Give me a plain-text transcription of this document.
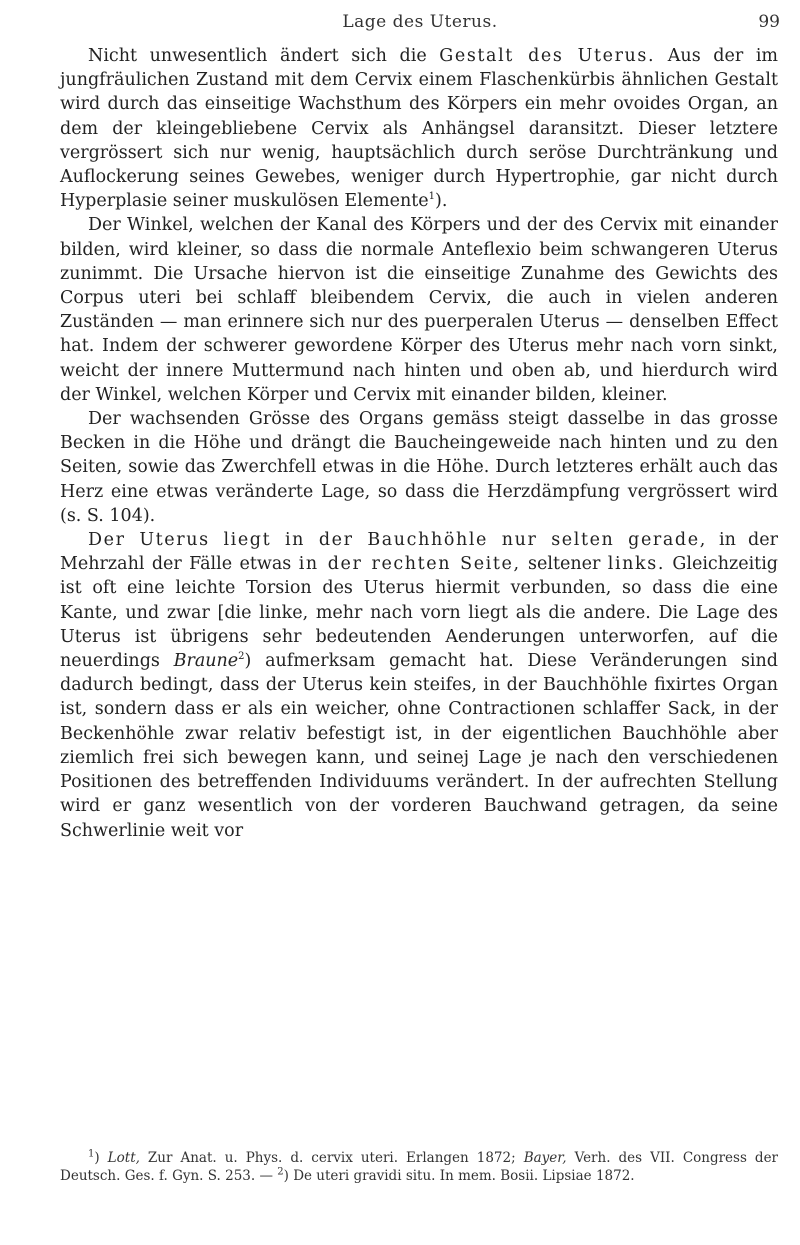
Lage des Uterus.	99

Nicht unwesentlich ändert sich die Gestalt des Uterus. Aus der im jungfräulichen Zustand mit dem Cervix einem Flaschenkürbis ähnlichen Gestalt wird durch das einseitige Wachsthum des Körpers ein mehr ovoides Organ, an dem der kleingebliebene Cervix als Anhängsel daransitzt. Dieser letztere vergrössert sich nur wenig, hauptsächlich durch seröse Durchtränkung und Auflockerung seines Gewebes, weniger durch Hypertrophie, gar nicht durch Hyperplasie seiner muskulösen Elemente$^1$).

Der Winkel, welchen der Kanal des Körpers und der des Cervix mit einander bilden, wird kleiner, so dass die normale Anteflexio beim schwangeren Uterus zunimmt. Die Ursache hiervon ist die einseitige Zunahme des Gewichts des Corpus uteri bei schlaff bleibendem Cervix, die auch in vielen anderen Zuständen — man erinnere sich nur des puerperalen Uterus — denselben Effect hat. Indem der schwerer gewordene Körper des Uterus mehr nach vorn sinkt, weicht der innere Muttermund nach hinten und oben ab, und hierdurch wird der Winkel, welchen Körper und Cervix mit einander bilden, kleiner.

Der wachsenden Grösse des Organs gemäss steigt dasselbe in das grosse Becken in die Höhe und drängt die Baucheingeweide nach hinten und zu den Seiten, sowie das Zwerchfell etwas in die Höhe. Durch letzteres erhält auch das Herz eine etwas veränderte Lage, so dass die Herzdämpfung vergrössert wird (s. S. 104).

Der Uterus liegt in der Bauchhöhle nur selten gerade, in der Mehrzahl der Fälle etwas in der rechten Seite, seltener links. Gleichzeitig ist oft eine leichte Torsion des Uterus hiermit verbunden, so dass die eine Kante, und zwar [die linke, mehr nach vorn liegt als die andere. Die Lage des Uterus ist übrigens sehr bedeutenden Aenderungen unterworfen, auf die neuerdings Braune$^2$) aufmerksam gemacht hat. Diese Veränderungen sind dadurch bedingt, dass der Uterus kein steifes, in der Bauchhöhle fixirtes Organ ist, sondern dass er als ein weicher, ohne Contractionen schlaffer Sack, in der Beckenhöhle zwar relativ befestigt ist, in der eigentlichen Bauchhöhle aber ziemlich frei sich bewegen kann, und seinej Lage je nach den verschiedenen Positionen des betreffenden Individuums verändert. In der aufrechten Stellung wird er ganz wesentlich von der vorderen Bauchwand getragen, da seine Schwerlinie weit vor

$^1$) Lott, Zur Anat. u. Phys. d. cervix uteri. Erlangen 1872; Bayer, Verh. des VII. Congress der Deutsch. Ges. f. Gyn. S. 253. — $^2$) De uteri gravidi situ. In mem. Bosii. Lipsiae 1872.
